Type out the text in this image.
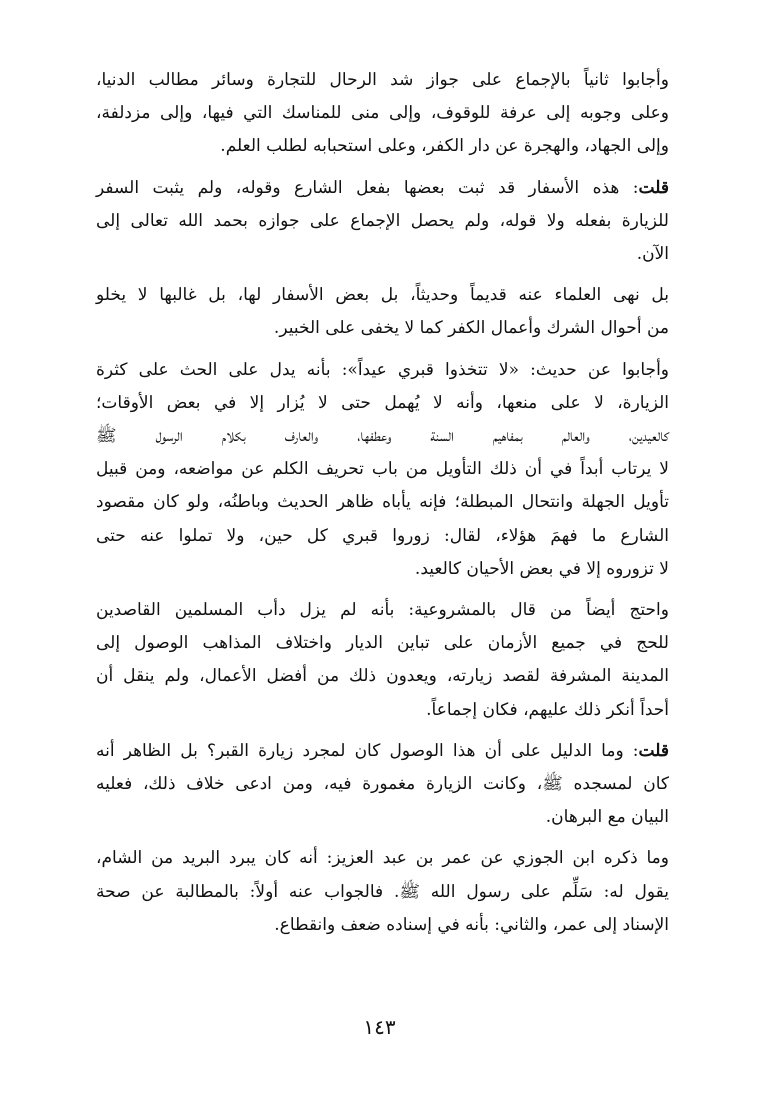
وأجابوا ثانياً بالإجماع على جواز شد الرحال للتجارة وسائر مطالب الدنيا،
وعلى وجوبه إلى عرفة للوقوف، وإلى منى للمناسك التي فيها، وإلى مزدلفة،
وإلى الجهاد، والهجرة عن دار الكفر، وعلى استحبابه لطلب العلم.
قلت: هذه الأسفار قد ثبت بعضها بفعل الشارع وقوله، ولم يثبت السفر
للزيارة بفعله ولا قوله، ولم يحصل الإجماع على جوازه بحمد الله تعالى إلى
الآن.
بل نهى العلماء عنه قديماً وحديثاً، بل بعض الأسفار لها، بل غالبها لا يخلو
من أحوال الشرك وأعمال الكفر كما لا يخفى على الخبير.
وأجابوا عن حديث: «لا تتخذوا قبري عيداً»: بأنه يدل على الحث على كثرة
الزيارة، لا على منعها، وأنه لا يُهمل حتى لا يُزار إلا في بعض الأوقات؛
كالعيدين، والعالم بمفاهيم السنة وعطفها، والعارف بكلام الرسول ﷺ
لا يرتاب أبداً في أن ذلك التأويل من باب تحريف الكلم عن مواضعه، ومن قبيل
تأويل الجهلة وانتحال المبطلة؛ فإنه يأباه ظاهر الحديث وباطنُه، ولو كان مقصود
الشارع ما فهمَ هؤلاء، لقال: زوروا قبري كل حين، ولا تملوا عنه حتى
لا تزوروه إلا في بعض الأحيان كالعيد.
واحتج أيضاً من قال بالمشروعية: بأنه لم يزل دأب المسلمين القاصدين
للحج في جميع الأزمان على تباين الديار واختلاف المذاهب الوصول إلى
المدينة المشرفة لقصد زيارته، ويعدون ذلك من أفضل الأعمال، ولم ينقل أن
أحداً أنكر ذلك عليهم، فكان إجماعاً.
قلت: وما الدليل على أن هذا الوصول كان لمجرد زيارة القبر؟ بل الظاهر أنه
كان لمسجده ﷺ، وكانت الزيارة مغمورة فيه، ومن ادعى خلاف ذلك، فعليه
البيان مع البرهان.
وما ذكره ابن الجوزي عن عمر بن عبد العزيز: أنه كان يبرد البريد من الشام،
يقول له: سَلِّم على رسول الله ﷺ. فالجواب عنه أولاً: بالمطالبة عن صحة
الإسناد إلى عمر، والثاني: بأنه في إسناده ضعف وانقطاع.
١٤٣
